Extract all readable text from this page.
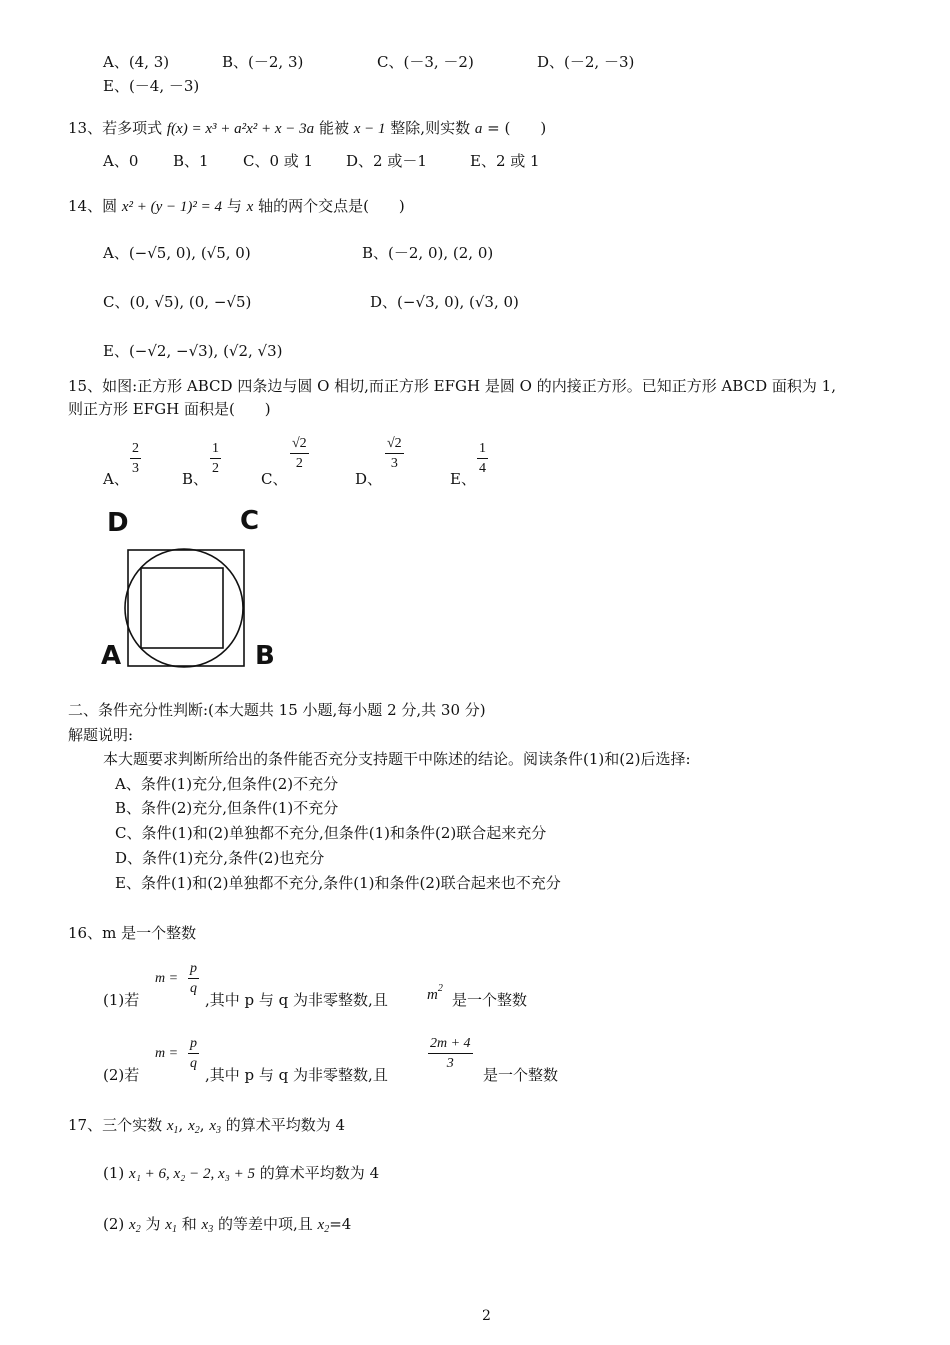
A、(4, 3)	B、(－2, 3)	C、(－3, －2)	D、(－2, －3)
E、(－4, －3)
13、若多项式 f(x) = x³ + a²x² + x − 3a 能被 x − 1 整除,则实数 a = (　　)
A、0 B、1 C、0 或 1 D、2 或－1	E、2 或 1
14、圆 x² + (y − 1)² = 4 与 x 轴的两个交点是(　　)
A、(−√5, 0), (√5, 0)	B、(－2, 0), (2, 0)
C、(0, √5), (0, −√5)	D、(−√3, 0), (√3, 0)
E、(−√2, −√3), (√2, √3)
15、如图:正方形 ABCD 四条边与圆 O 相切,而正方形 EFGH 是圆 O 的内接正方形。已知正方形 ABCD 面积为 1,
则正方形 EFGH 面积是(　　)
A、
$\frac{2}{3}$
B、
$\frac{1}{2}$
C、
$\frac{√2}{2}$
D、
$\frac{√2}{3}$
E、
$\frac{1}{4}$
D	C
A	B
二、条件充分性判断:(本大题共 15 小题,每小题 2 分,共 30 分)
解题说明:
本大题要求判断所给出的条件能否充分支持题干中陈述的结论。阅读条件(1)和(2)后选择:
A、条件(1)充分,但条件(2)不充分
B、条件(2)充分,但条件(1)不充分
C、条件(1)和(2)单独都不充分,但条件(1)和条件(2)联合起来充分
D、条件(1)充分,条件(2)也充分
E、条件(1)和(2)单独都不充分,条件(1)和条件(2)联合起来也不充分
16、m 是一个整数
(1)若
$m = \frac{p}{q}$
,其中 p 与 q 为非零整数,且	$m^2$
是一个整数
(2)若
$m = \frac{p}{q}$
,其中 p 与 q 为非零整数,且
$\frac{2m + 4}{3}$
是一个整数
17、三个实数 $x_1$, $x_2$, $x_3$ 的算术平均数为 4
(1) x₁ + 6, x₂ − 2, x₃ + 5 的算术平均数为 4
(2) $x_2$ 为 $x_1$ 和 $x_3$ 的等差中项,且 $x_2=4$
2
